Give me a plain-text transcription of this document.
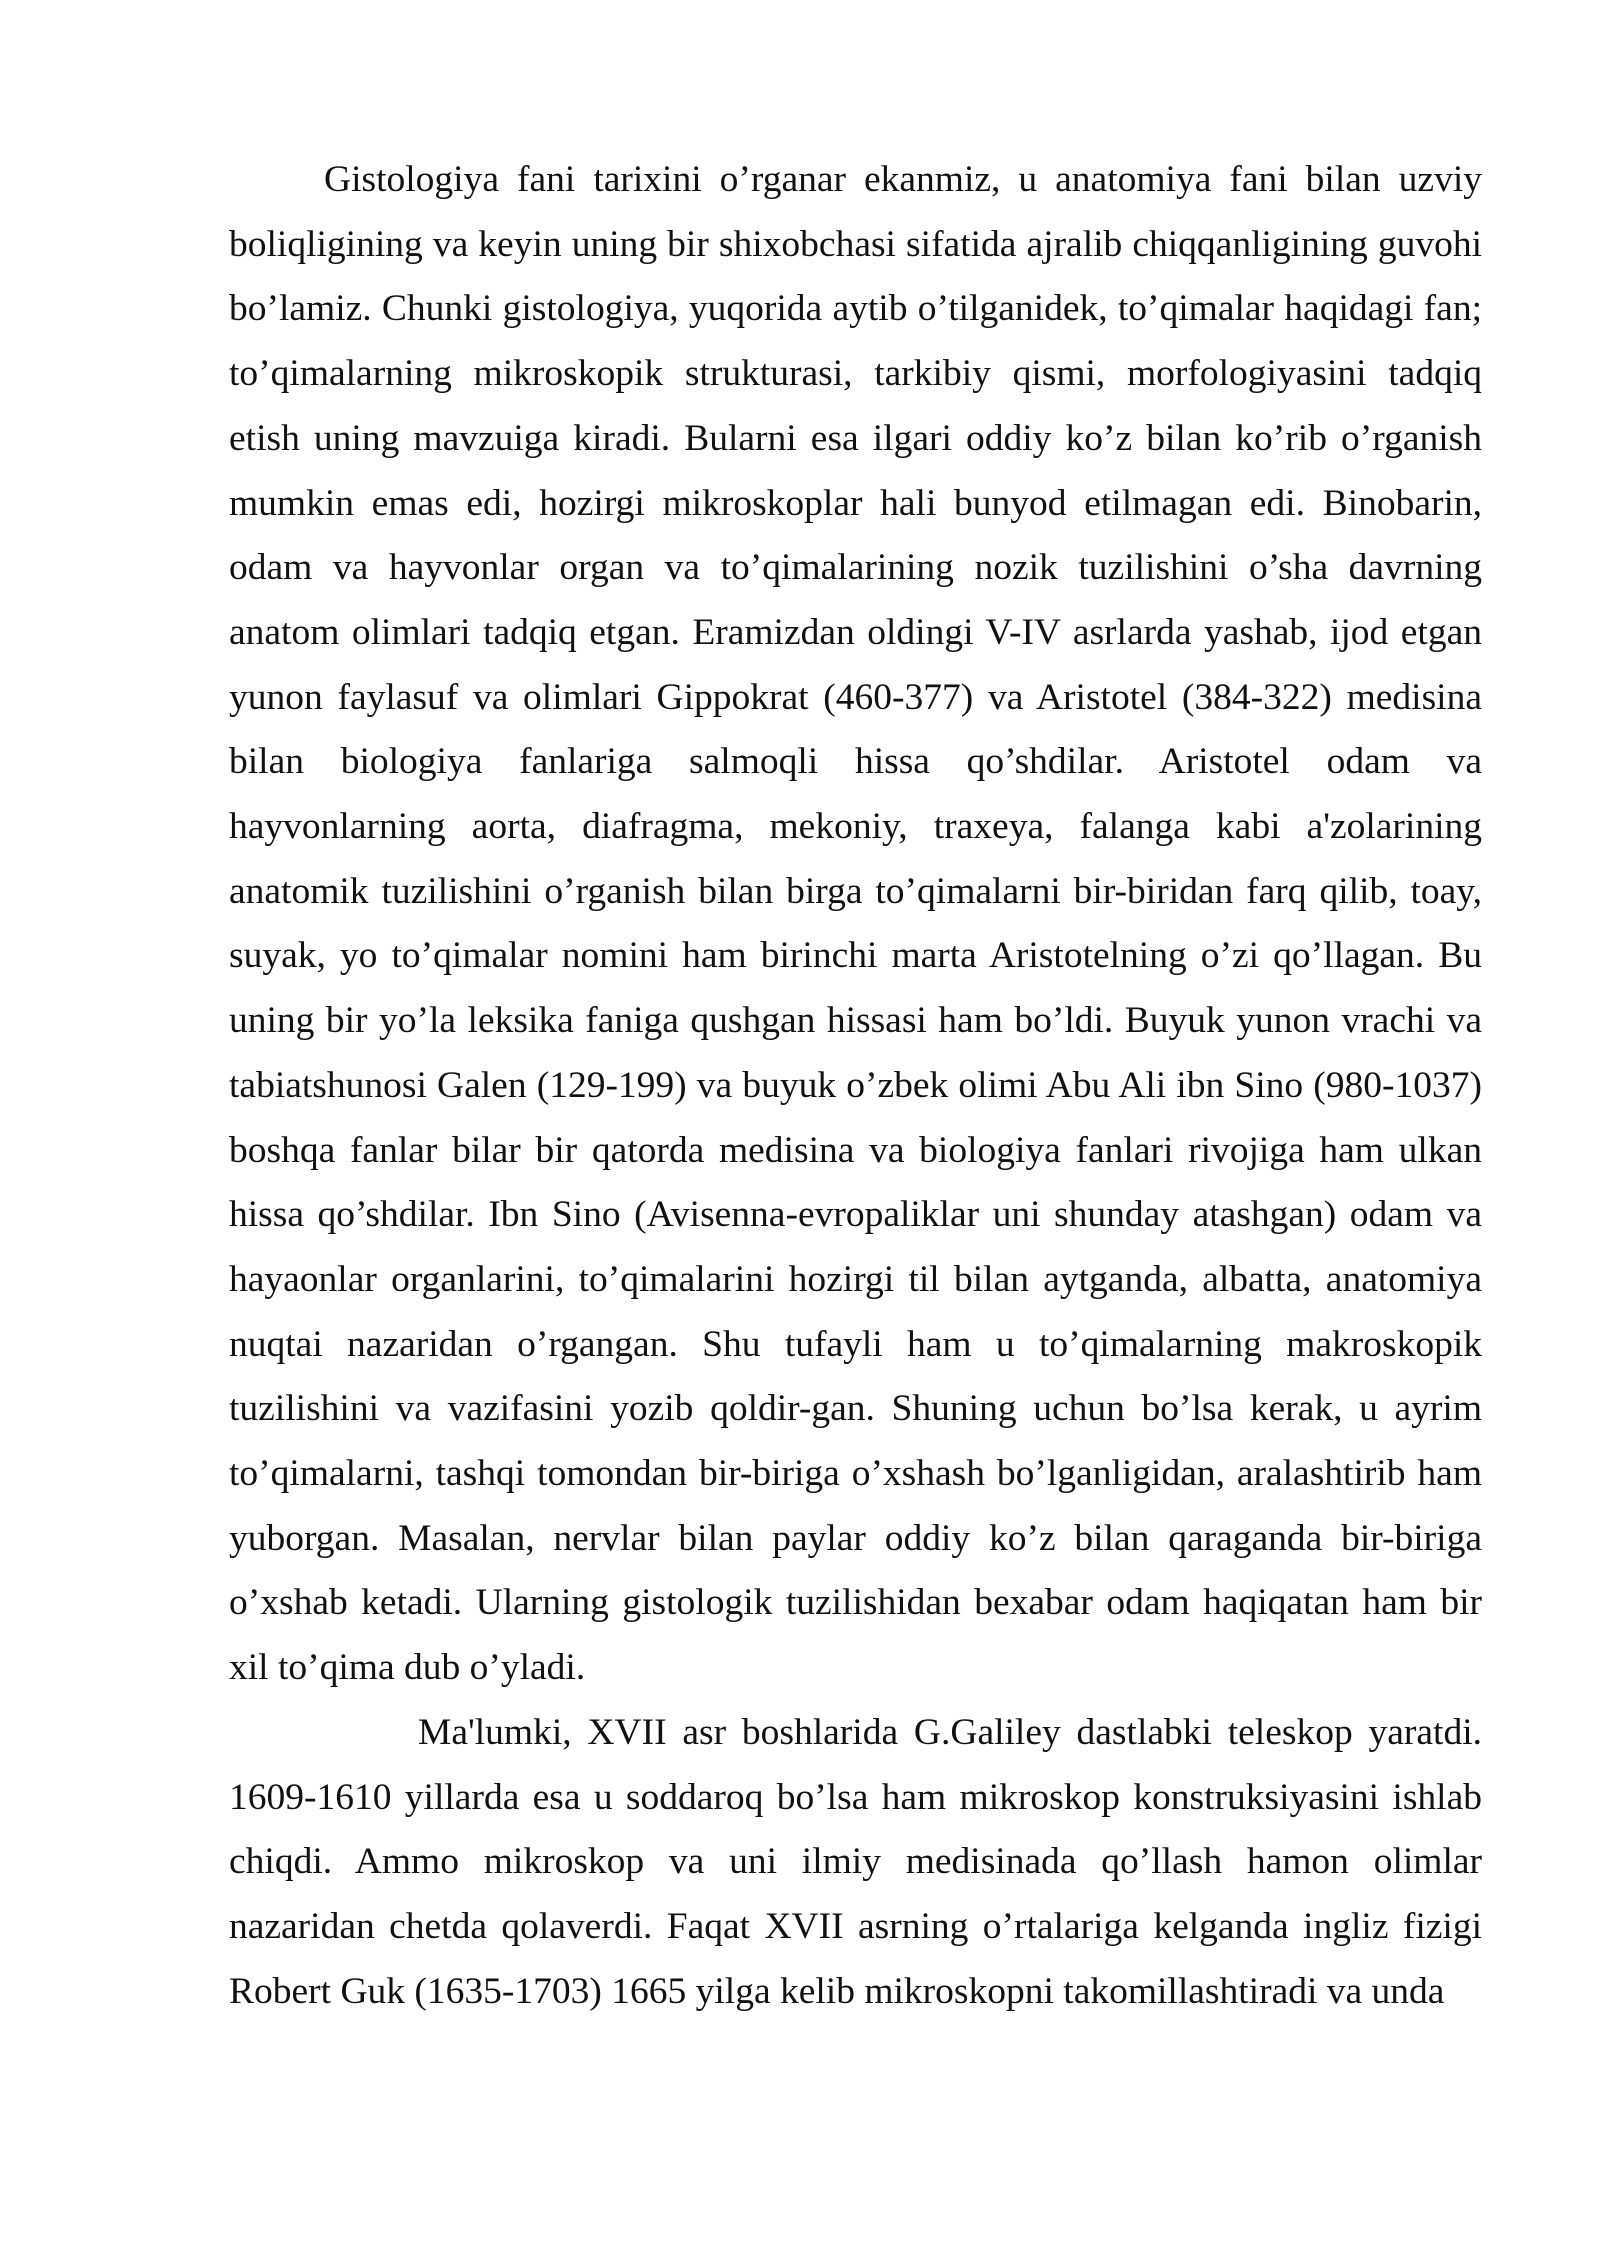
Gistologiya fani tarixini o’rganar ekanmiz, u anatomiya fani bilan uzviy boliqligining va keyin uning bir shixobchasi sifatida ajralib chiqqanligining guvohi bo’lamiz. Chunki gistologiya, yuqorida aytib o’tilganidek, to’qimalar haqidagi fan; to’qimalarning mikroskopik strukturasi, tarkibiy qismi, morfologiyasini tadqiq etish uning mavzuiga kiradi. Bularni esa ilgari oddiy ko’z bilan ko’rib o’rganish mumkin emas edi, hozirgi mikroskoplar hali bunyod etilmagan edi. Binobarin, odam va hayvonlar organ va to’qimalarining nozik tuzilishini o’sha davrning anatom olimlari tadqiq etgan. Eramizdan oldingi V-IV asrlarda yashab, ijod etgan yunon faylasuf va olimlari Gippokrat (460-377) va Aristotel (384-322) medisina bilan biologiya fanlariga salmoqli hissa qo’shdilar. Aristotel odam va hayvonlarning aorta, diafragma, mekoniy, traxeya, falanga kabi a'zolarining anatomik tuzilishini o’rganish bilan birga to’qimalarni bir-biridan farq qilib, toay, suyak, yo to’qimalar nomini ham birinchi marta Aristotelning o’zi qo’llagan. Bu uning bir yo’la leksika faniga qushgan hissasi ham bo’ldi. Buyuk yunon vrachi va tabiatshunosi Galen (129-199) va buyuk o’zbek olimi Abu Ali ibn Sino (980-1037) boshqa fanlar bilar bir qatorda medisina va biologiya fanlari rivojiga ham ulkan hissa qo’shdilar. Ibn Sino (Avisenna-evropaliklar uni shunday atashgan) odam va hayaonlar organlarini, to’qimalarini hozirgi til bilan aytganda, albatta, anatomiya nuqtai nazaridan o’rgangan. Shu tufayli ham u to’qimalarning makroskopik tuzilishini va vazifasini yozib qoldir-gan. Shuning uchun bo’lsa kerak, u ayrim to’qimalarni, tashqi tomondan bir-biriga o’xshash bo’lganligidan, aralashtirib ham yuborgan. Masalan, nervlar bilan paylar oddiy ko’z bilan qaraganda bir-biriga o’xshab ketadi. Ularning gistologik tuzilishidan bexabar odam haqiqatan ham bir xil to’qima dub o’yladi.

Ma'lumki, XVII asr boshlarida G.Galiley dastlabki teleskop yaratdi. 1609-1610 yillarda esa u soddaroq bo’lsa ham mikroskop konstruksiyasini ishlab chiqdi. Ammo mikroskop va uni ilmiy medisinada qo’llash hamon olimlar nazaridan chetda qolaverdi. Faqat XVII asrning o’rtalariga kelganda ingliz fizigi Robert Guk (1635-1703) 1665 yilga kelib mikroskopni takomillashtiradi va unda
